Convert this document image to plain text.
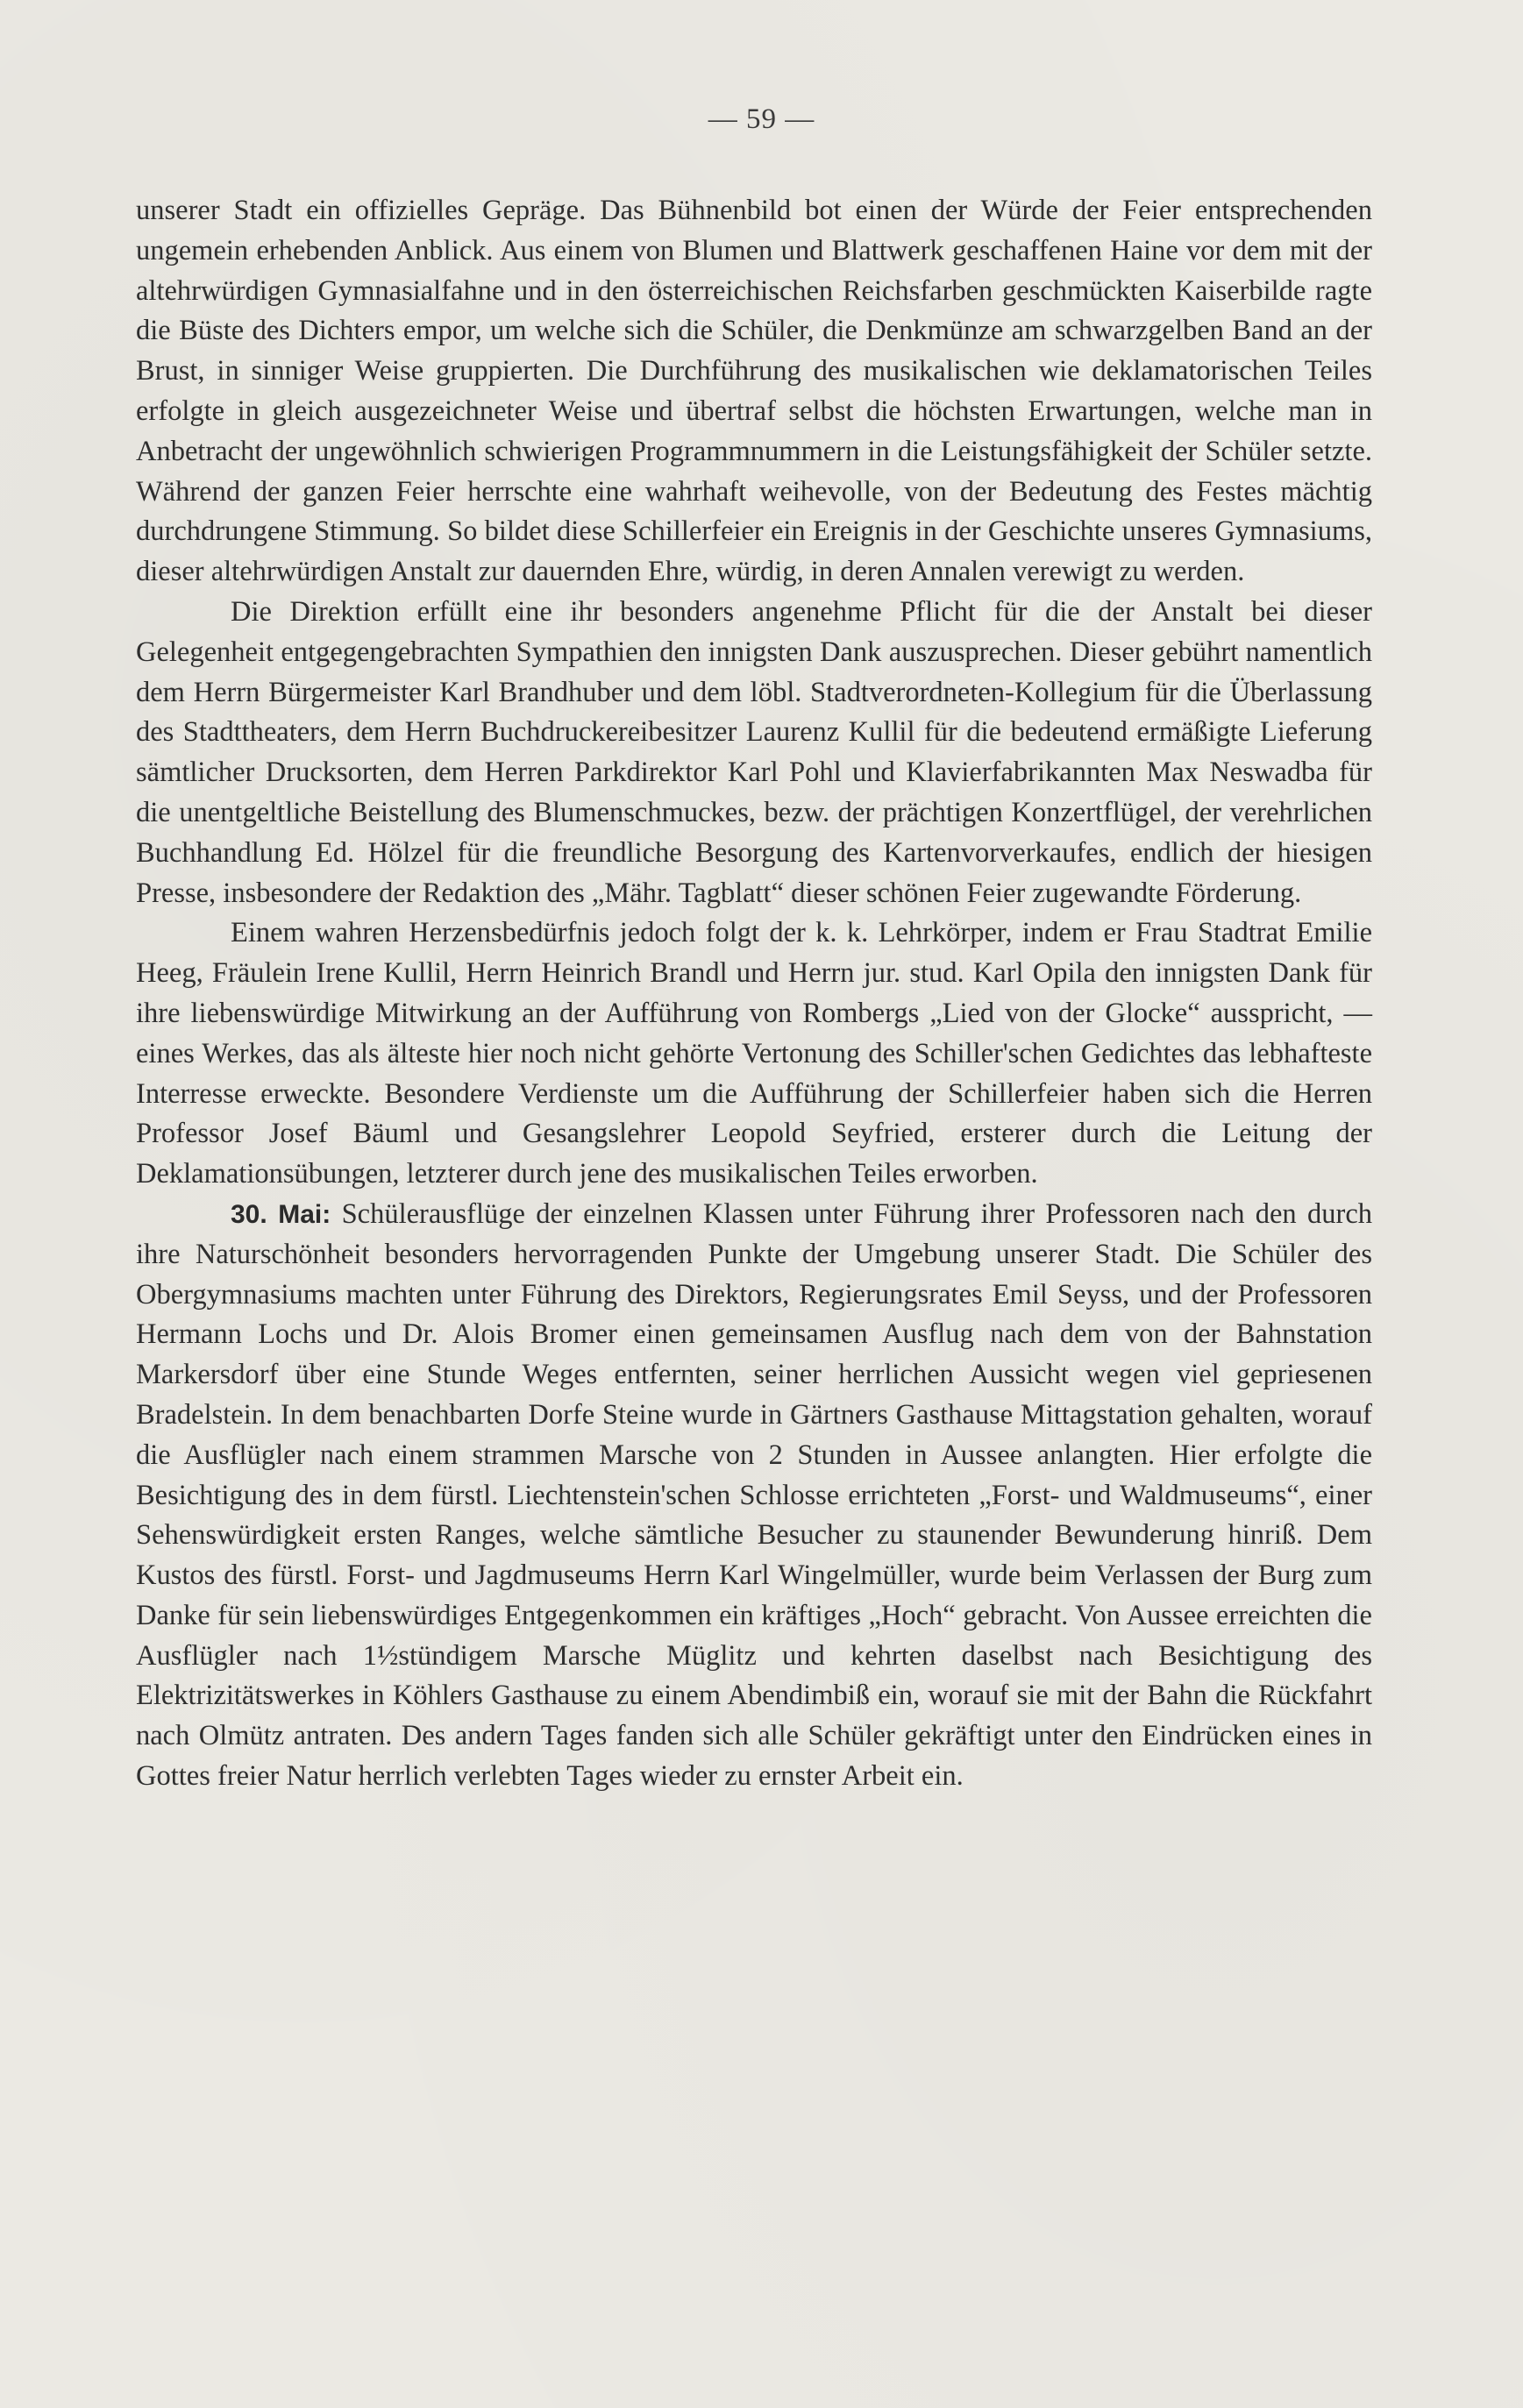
— 59 —

unserer Stadt ein offizielles Gepräge. Das Bühnenbild bot einen der Würde der Feier entsprechenden ungemein erhebenden Anblick. Aus einem von Blumen und Blattwerk geschaffenen Haine vor dem mit der altehrwürdigen Gymnasialfahne und in den österreichischen Reichsfarben geschmückten Kaiserbilde ragte die Büste des Dichters empor, um welche sich die Schüler, die Denkmünze am schwarzgelben Band an der Brust, in sinniger Weise gruppierten. Die Durchführung des musikalischen wie deklamatorischen Teiles erfolgte in gleich ausgezeichneter Weise und übertraf selbst die höchsten Erwartungen, welche man in Anbetracht der ungewöhnlich schwierigen Programmnummern in die Leistungsfähigkeit der Schüler setzte. Während der ganzen Feier herrschte eine wahrhaft weihevolle, von der Bedeutung des Festes mächtig durchdrungene Stimmung. So bildet diese Schillerfeier ein Ereignis in der Geschichte unseres Gymnasiums, dieser altehrwürdigen Anstalt zur dauernden Ehre, würdig, in deren Annalen verewigt zu werden.

Die Direktion erfüllt eine ihr besonders angenehme Pflicht für die der Anstalt bei dieser Gelegenheit entgegengebrachten Sympathien den innigsten Dank auszusprechen. Dieser gebührt namentlich dem Herrn Bürgermeister Karl Brandhuber und dem löbl. Stadtverordneten-Kollegium für die Überlassung des Stadttheaters, dem Herrn Buchdruckereibesitzer Laurenz Kullil für die bedeutend ermäßigte Lieferung sämtlicher Drucksorten, dem Herren Parkdirektor Karl Pohl und Klavierfabrikannten Max Neswadba für die unentgeltliche Beistellung des Blumenschmuckes, bezw. der prächtigen Konzertflügel, der verehrlichen Buchhandlung Ed. Hölzel für die freundliche Besorgung des Kartenvorverkaufes, endlich der hiesigen Presse, insbesondere der Redaktion des „Mähr. Tagblatt“ dieser schönen Feier zugewandte Förderung.

Einem wahren Herzensbedürfnis jedoch folgt der k. k. Lehrkörper, indem er Frau Stadtrat Emilie Heeg, Fräulein Irene Kullil, Herrn Heinrich Brandl und Herrn jur. stud. Karl Opila den innigsten Dank für ihre liebenswürdige Mitwirkung an der Aufführung von Rombergs „Lied von der Glocke“ ausspricht, — eines Werkes, das als älteste hier noch nicht gehörte Vertonung des Schiller'schen Gedichtes das lebhafteste Interresse erweckte. Besondere Verdienste um die Aufführung der Schillerfeier haben sich die Herren Professor Josef Bäuml und Gesangslehrer Leopold Seyfried, ersterer durch die Leitung der Deklamationsübungen, letzterer durch jene des musikalischen Teiles erworben.

30. Mai: Schülerausflüge der einzelnen Klassen unter Führung ihrer Professoren nach den durch ihre Naturschönheit besonders hervorragenden Punkte der Umgebung unserer Stadt. Die Schüler des Obergymnasiums machten unter Führung des Direktors, Regierungsrates Emil Seyss, und der Professoren Hermann Lochs und Dr. Alois Bromer einen gemeinsamen Ausflug nach dem von der Bahnstation Markersdorf über eine Stunde Weges entfernten, seiner herrlichen Aussicht wegen viel gepriesenen Bradelstein. In dem benachbarten Dorfe Steine wurde in Gärtners Gasthause Mittagstation gehalten, worauf die Ausflügler nach einem strammen Marsche von 2 Stunden in Aussee anlangten. Hier erfolgte die Besichtigung des in dem fürstl. Liechtenstein'schen Schlosse errichteten „Forst- und Waldmuseums“, einer Sehenswürdigkeit ersten Ranges, welche sämtliche Besucher zu staunender Bewunderung hinriß. Dem Kustos des fürstl. Forst- und Jagdmuseums Herrn Karl Wingelmüller, wurde beim Verlassen der Burg zum Danke für sein liebenswürdiges Entgegenkommen ein kräftiges „Hoch“ gebracht. Von Aussee erreichten die Ausflügler nach 1½stündigem Marsche Müglitz und kehrten daselbst nach Besichtigung des Elektrizitätswerkes in Köhlers Gasthause zu einem Abendimbiß ein, worauf sie mit der Bahn die Rückfahrt nach Olmütz antraten. Des andern Tages fanden sich alle Schüler gekräftigt unter den Eindrücken eines in Gottes freier Natur herrlich verlebten Tages wieder zu ernster Arbeit ein.
